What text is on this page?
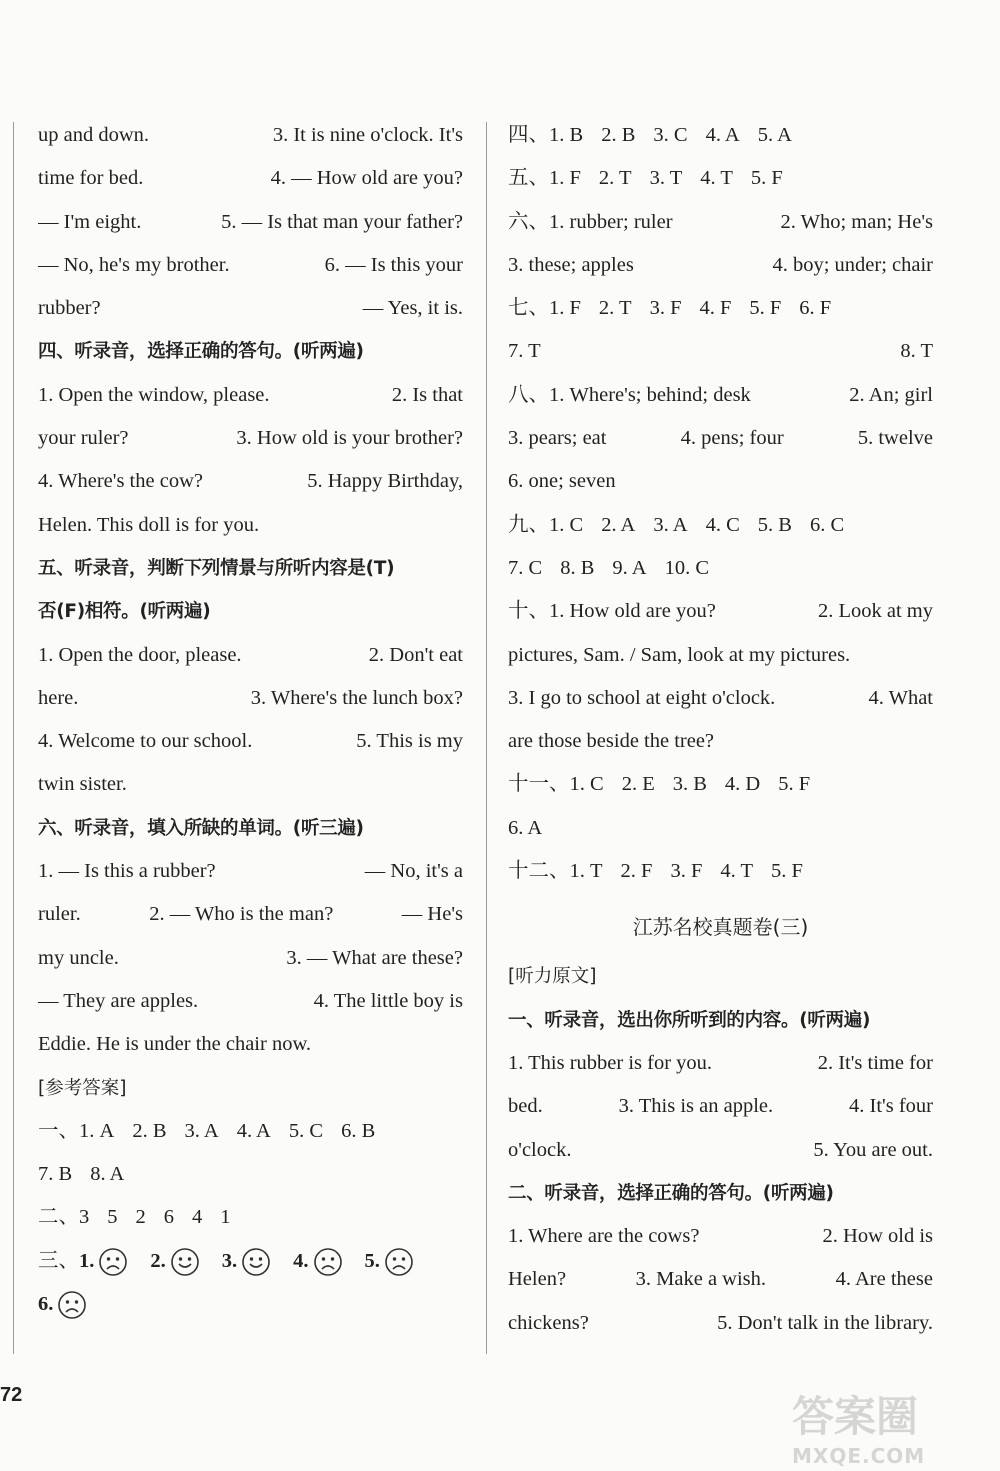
up and down.	3. It is nine o'clock. It's
time for bed.	4. — How old are you?
— I'm eight.	5. — Is that man your father?
— No, he's my brother.	6. — Is this your
rubber?	— Yes, it is.
四、听录音，选择正确的答句。(听两遍)
1. Open the window, please.	2. Is that
your ruler?	3. How old is your brother?
4. Where's the cow?	5. Happy Birthday,
Helen. This doll is for you.
五、听录音，判断下列情景与所听内容是(T)
否(F)相符。(听两遍)
1. Open the door, please.	2. Don't eat
here.	3. Where's the lunch box?
4. Welcome to our school.	5. This is my
twin sister.
六、听录音，填入所缺的单词。(听三遍)
1. — Is this a rubber?	— No, it's a
ruler.	2. — Who is the man?	— He's
my uncle.	3. — What are these?
— They are apples.	4. The little boy is
Eddie. He is under the chair now.
[参考答案]
一、1. A 2. B 3. A 4. A 5. C 6. B
7. B 8. A
二、3 5 2 6 4 1
三、1.	2.	3.	4.	5.
6.
四、1. B 2. B 3. C 4. A 5. A
五、1. F 2. T 3. T 4. T 5. F
六、1. rubber; ruler	2. Who; man; He's
3. these; apples	4. boy; under; chair
七、1. F 2. T 3. F 4. F 5. F 6. F
7. T	8. T
八、1. Where's; behind; desk	2. An; girl
3. pears; eat	4. pens; four	5. twelve
6. one; seven
九、1. C 2. A 3. A 4. C 5. B 6. C
7. C 8. B 9. A 10. C
十、1. How old are you?	2. Look at my
pictures, Sam. / Sam, look at my pictures.
3. I go to school at eight o'clock.	4. What
are those beside the tree?
十一、1. C 2. E 3. B 4. D 5. F
6. A
十二、1. T 2. F 3. F 4. T 5. F
江苏名校真题卷(三)
[听力原文]
一、听录音，选出你所听到的内容。(听两遍)
1. This rubber is for you.	2. It's time for
bed.	3. This is an apple.	4. It's four
o'clock.	5. You are out.
二、听录音，选择正确的答句。(听两遍)
1. Where are the cows?	2. How old is
Helen?	3. Make a wish.	4. Are these
chickens?	5. Don't talk in the library.
72	答案圈
MXQE.COM
